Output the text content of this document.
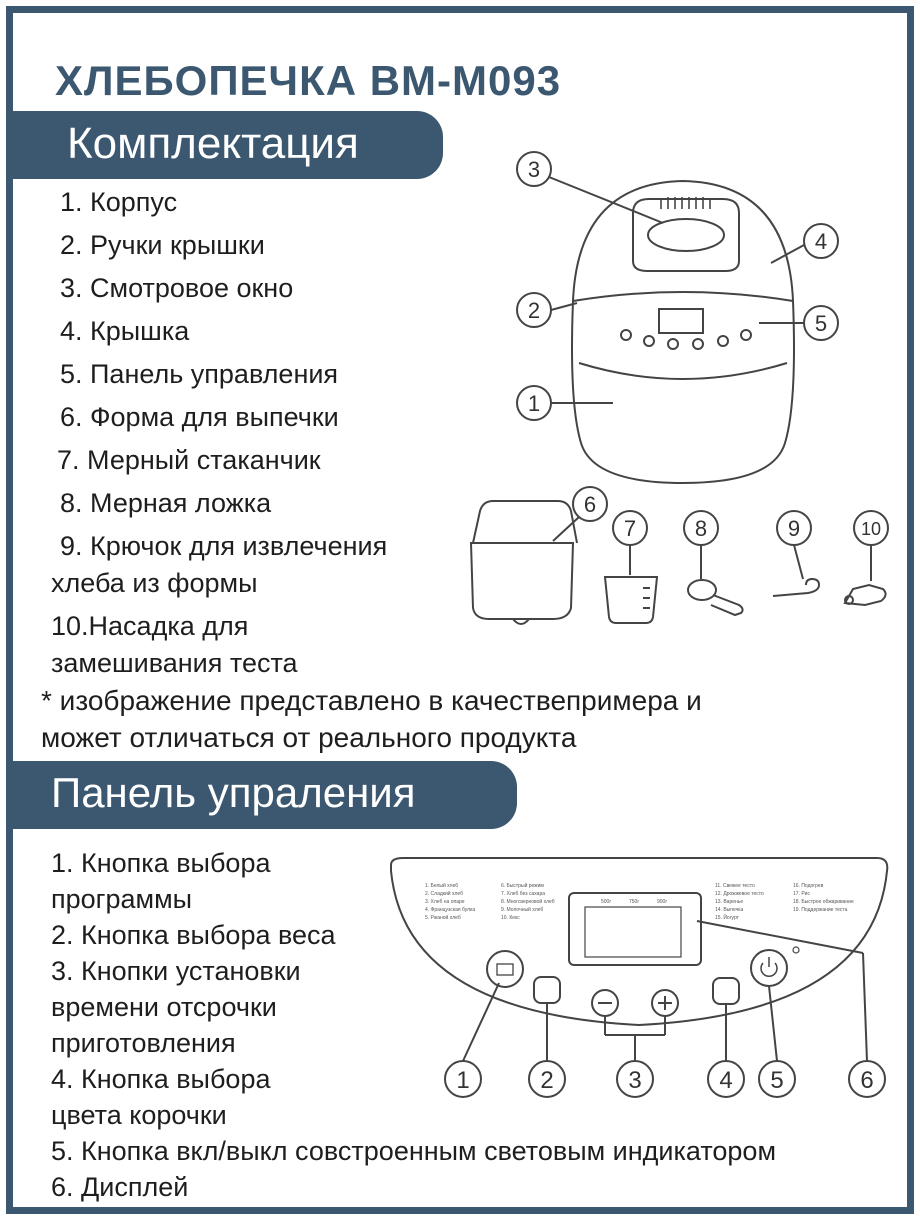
ХЛЕБОПЕЧКА BM-M093
Комплектация
1. Корпус
2. Ручки крышки
3. Смотровое окно
4. Крышка
5. Панель управления
6. Форма для выпечки
7. Мерный стаканчик
8. Мерная ложка
9. Крючок для извлечения
хлеба из формы
10.Насадка для
замешивания теста
* изображение представлено в качествепримера и
может отличаться от реального продукта
Панель упраления
1. Кнопка выбора
программы
2. Кнопка выбора веса
3. Кнопки установки
времени отсрочки
приготовления
4. Кнопка выбора
цвета корочки
5. Кнопка вкл/выкл совстроенным световым индикатором
6. Дисплей
3
4
2
5
1
6
7	8	9	10
1	2	3	4 5	6
1. Белый хлеб
2. Сладкий хлеб
3. Хлеб на опаре
4. Французская булка
5. Ржаной хлеб
6. Быстрый режим
7. Хлеб без сахара
8. Многозерновой хлеб
9. Молочный хлеб
10. Кекс
11. Свежее тесто
12. Дрожжевое тесто
13. Варенье
14. Выпечка
15. Йогурт
16. Подогрев
17. Рис
18. Быстрое обжаривание
19. Поддержание теста
500г	750г	900г
